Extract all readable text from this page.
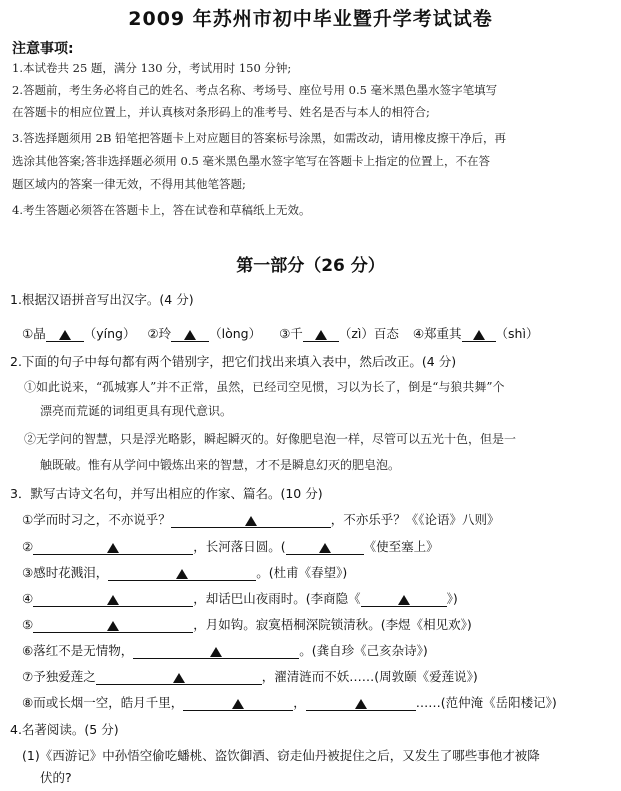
2009 年苏州市初中毕业暨升学考试试卷
注意事项:
1.本试卷共 25 题，满分 130 分，考试用时 150 分钟;
2.答题前，考生务必将自己的姓名、考点名称、考场号、座位号用 0.5 毫米黑色墨水签字笔填写
在答题卡的相应位置上，并认真核对条形码上的准考号、姓名是否与本人的相符合;
3.答选择题须用 2B 铅笔把答题卡上对应题目的答案标号涂黑，如需改动，请用橡皮擦干净后，再
选涂其他答案;答非选择题必须用 0.5 毫米黑色墨水签字笔写在答题卡上指定的位置上，不在答
题区域内的答案一律无效，不得用其他笔答题;
4.考生答题必须答在答题卡上，答在试卷和草稿纸上无效。
第一部分（26 分）
1.根据汉语拼音写出汉字。(4 分)
①晶	（yíng） ②玲	（lòng） ③千	（zì）百态 ④郑重其	（shì）
2.下面的句子中每句都有两个错别字，把它们找出来填入表中，然后改正。(4 分)
①如此说来，“孤城寡人”并不正常，虽然，已经司空见惯，习以为长了，倒是“与狼共舞”个
漂亮而荒诞的词组更具有现代意识。
②无学问的智慧，只是浮光略影，瞬起瞬灭的。好像肥皂泡一样，尽管可以五光十色，但是一
触既破。惟有从学问中锻炼出来的智慧，才不是瞬息幻灭的肥皂泡。
3．默写古诗文名句，并写出相应的作家、篇名。(10 分)
①学而时习之，不亦说乎？	，不亦乐乎？《《论语》八则》
②	，长河落日圆。(	《使至塞上》
③感时花溅泪，	。(杜甫《春望》)
④	，却话巴山夜雨时。(李商隐《	》)
⑤	，月如钩。寂寞梧桐深院锁清秋。(李煜《相见欢》)
⑥落红不是无情物，	。(龚自珍《己亥杂诗》)
⑦予独爱莲之	，濯清涟而不妖……(周敦颐《爱莲说》)
⑧而或长烟一空，皓月千里，	，	……(范仲淹《岳阳楼记》)
4.名著阅读。(5 分)
(1)《西游记》中孙悟空偷吃蟠桃、盗饮御酒、窃走仙丹被捉住之后，又发生了哪些事他才被降
伏的?
